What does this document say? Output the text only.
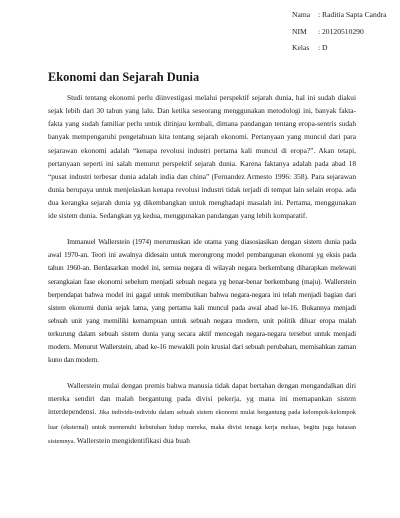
Nama	: Raditia Sapta Candra
NIM	: 20120510290
Kelas	: D
Ekonomi dan Sejarah Dunia

Studi tentang ekonomi perlu diinvestigasi melalui perspektif sejarah dunia, hal ini sudah diakui sejak lebih dari 30 tahun yang lalu. Dan ketika seseorang menggunakan metodologi ini, banyak fakta-fakta yang sudah familiar perlu untuk ditinjau kembali, dimana pandangan tentang eropa-sentris sudah banyak mempengaruhi pengetahuan kita tentang sejarah ekonomi. Pertanyaan yang muncul dari para sejarawan ekonomi adalah “kenapa revolusi industri pertama kali muncul di eropa?”. Akan tetapi, pertanyaan seperti ini salah menurut perspektif sejarah dunia. Karena faktanya adalah pada abad 18 “pusat industri terbesar dunia adalah india dan china” (Fernandez Armesto 1996: 358). Para sejarawan dunia berupaya untuk menjelaskan kenapa revolusi industri tidak terjadi di tempat lain selain eropa. ada dua kerangka sejarah dunia yg dikembangkan untuk menghadapi masalah ini. Pertama, menggunakan ide sistem dunia. Sedangkan yg kedua, menggunakan pandangan yang lebih komparatif.

Immanuel Wallerstein (1974) merumuskan ide utama yang diasosiasikan dengan sistem dunia pada awal 1970-an. Teori ini awalnya didesain untuk merongrong model pembangunan ekonomi yg eksis pada tahun 1960-an. Berdasarkan model ini, semua negara di wilayah negara berkembang diharapkan melewati serangkaian fase ekonomi sebelum menjadi sebuah negara yg benar-benar berkembang (maju). Wallerstein berpendapat bahwa model ini gagal untuk membutikan bahwa negara-negara ini telah menjadi bagian dari sistem ekonomi dunia sejak lama, yang pertama kali muncul pada awal abad ke-16. Bukannya menjadi sebuah unit yang memiliki kemampuan untuk sebuah negara modern, unit politik diluar eropa malah terkurung dalam sebuah sistem dunia yang secara aktif mencegah negara-negara tersebut untuk menjadi modern. Menurut Wallerstein, abad ke-16 mewakili poin krusial dari sebuah perubahan, memisahkan zaman kuno dan modern.

Wallerstein mulai dengan premis bahwa manusia tidak dapat bertahan dengan mengandalkan diri mereka sendiri dan malah bergantung pada divisi pekerja, yg mana ini memapankan sistem interdependensi. Jika individu-individu dalam sebuah sistem ekonomi mulai bergantung pada kelompok-kelompok luar (eksternal) untuk memenuhi kebutuhan hidup mereka, maka divisi tenaga kerja meluas, begitu juga batasan sistemnya. Wallerstein mengidentifikasi dua buah
